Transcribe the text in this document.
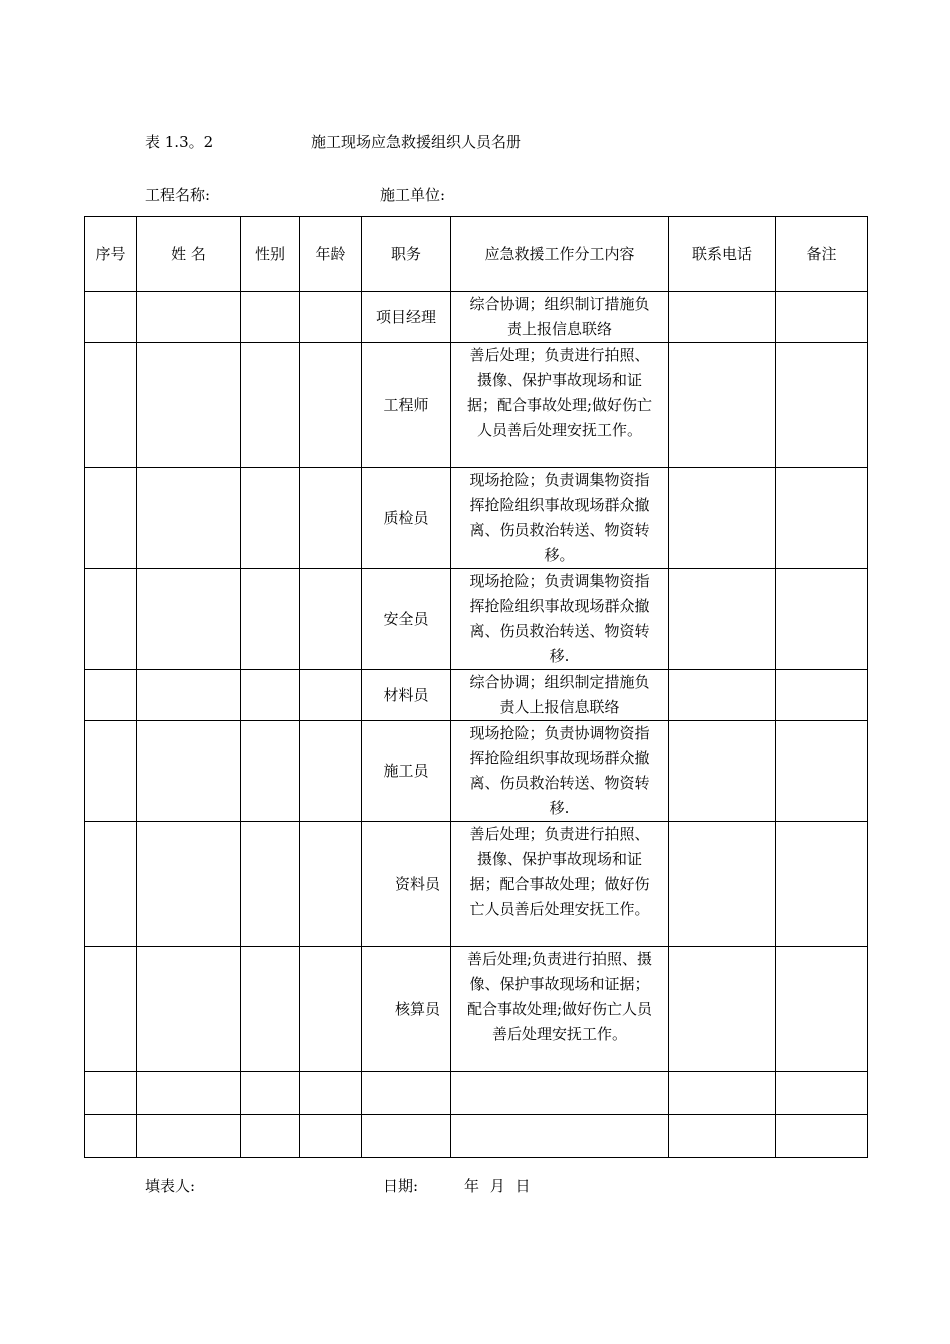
表 1.3。2	施工现场应急救援组织人员名册
工程名称:	施工单位:
序号	姓 名	性别	年龄	职务	应急救援工作分工内容	联系电话	备注
				项目经理	综合协调；组织制订措施负责上报信息联络		
				工程师	善后处理；负责进行拍照、摄像、保护事故现场和证据；配合事故处理;做好伤亡人员善后处理安抚工作。		
				质检员	现场抢险；负责调集物资指挥抢险组织事故现场群众撤离、伤员救治转送、物资转移。		
				安全员	现场抢险；负责调集物资指挥抢险组织事故现场群众撤离、伤员救治转送、物资转移.		
				材料员	综合协调；组织制定措施负责人上报信息联络		
				施工员	现场抢险；负责协调物资指挥抢险组织事故现场群众撤离、伤员救治转送、物资转移.		
				资料员	善后处理；负责进行拍照、摄像、保护事故现场和证据；配合事故处理；做好伤亡人员善后处理安抚工作。		
				核算员	善后处理;负责进行拍照、摄像、保护事故现场和证据；配合事故处理;做好伤亡人员善后处理安抚工作。		

填表人:	日期:	年 月 日
